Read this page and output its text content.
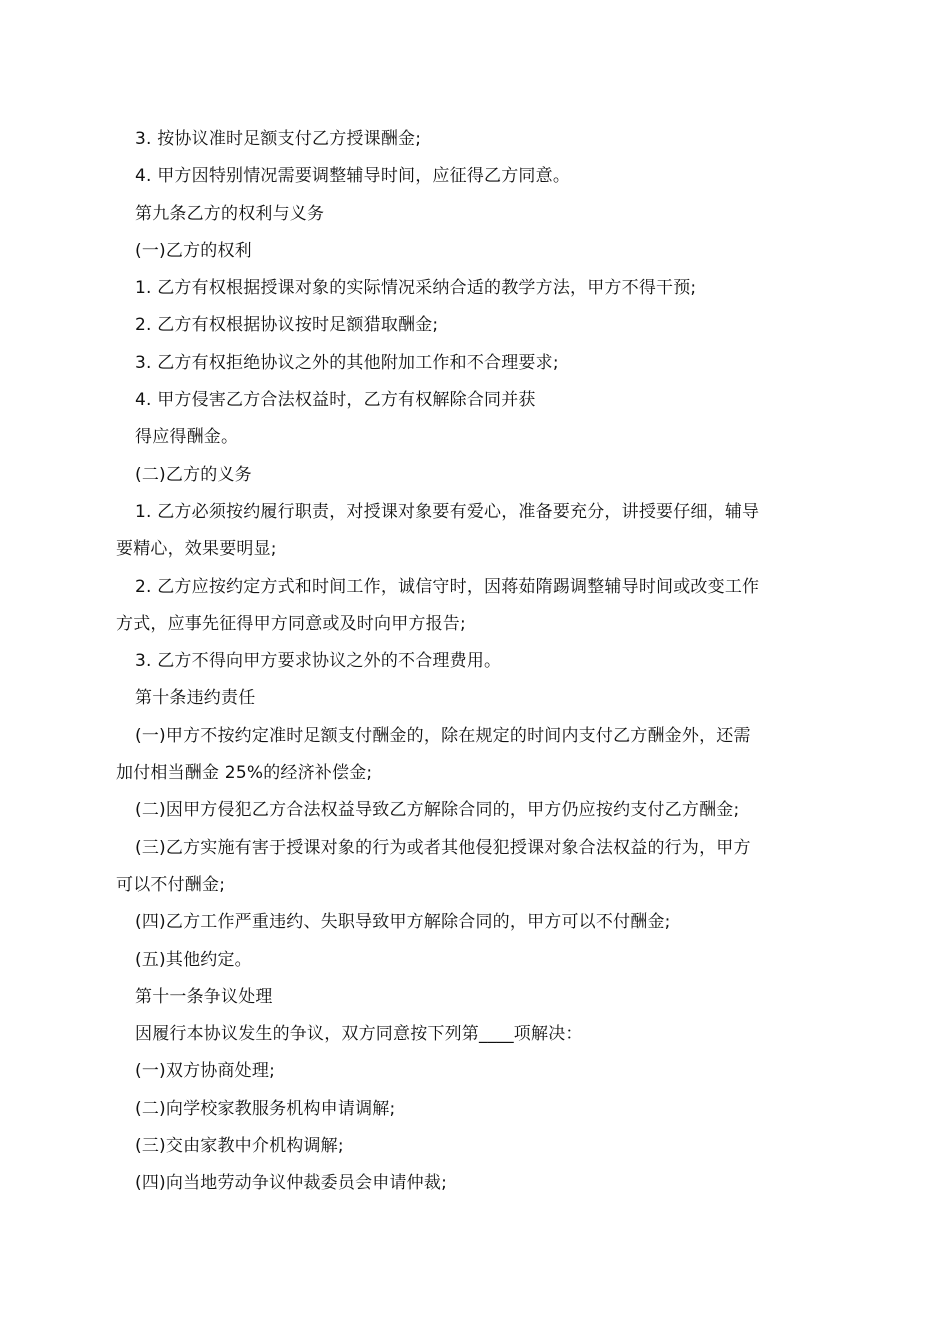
3. 按协议准时足额支付乙方授课酬金;
4. 甲方因特别情况需要调整辅导时间，应征得乙方同意。
第九条乙方的权利与义务
(一)乙方的权利
1. 乙方有权根据授课对象的实际情况采纳合适的教学方法，甲方不得干预;
2. 乙方有权根据协议按时足额猎取酬金;
3. 乙方有权拒绝协议之外的其他附加工作和不合理要求;
4. 甲方侵害乙方合法权益时，乙方有权解除合同并获
得应得酬金。
(二)乙方的义务
1. 乙方必须按约履行职责，对授课对象要有爱心，准备要充分，讲授要仔细，辅导
要精心，效果要明显;
2. 乙方应按约定方式和时间工作，诚信守时，因蒋茹隋踢调整辅导时间或改变工作
方式，应事先征得甲方同意或及时向甲方报告;
3. 乙方不得向甲方要求协议之外的不合理费用。
第十条违约责任
(一)甲方不按约定准时足额支付酬金的，除在规定的时间内支付乙方酬金外，还需
加付相当酬金 25%的经济补偿金;
(二)因甲方侵犯乙方合法权益导致乙方解除合同的，甲方仍应按约支付乙方酬金;
(三)乙方实施有害于授课对象的行为或者其他侵犯授课对象合法权益的行为，甲方
可以不付酬金;
(四)乙方工作严重违约、失职导致甲方解除合同的，甲方可以不付酬金;
(五)其他约定。
第十一条争议处理
因履行本协议发生的争议，双方同意按下列第____项解决：
(一)双方协商处理;
(二)向学校家教服务机构申请调解;
(三)交由家教中介机构调解;
(四)向当地劳动争议仲裁委员会申请仲裁;
